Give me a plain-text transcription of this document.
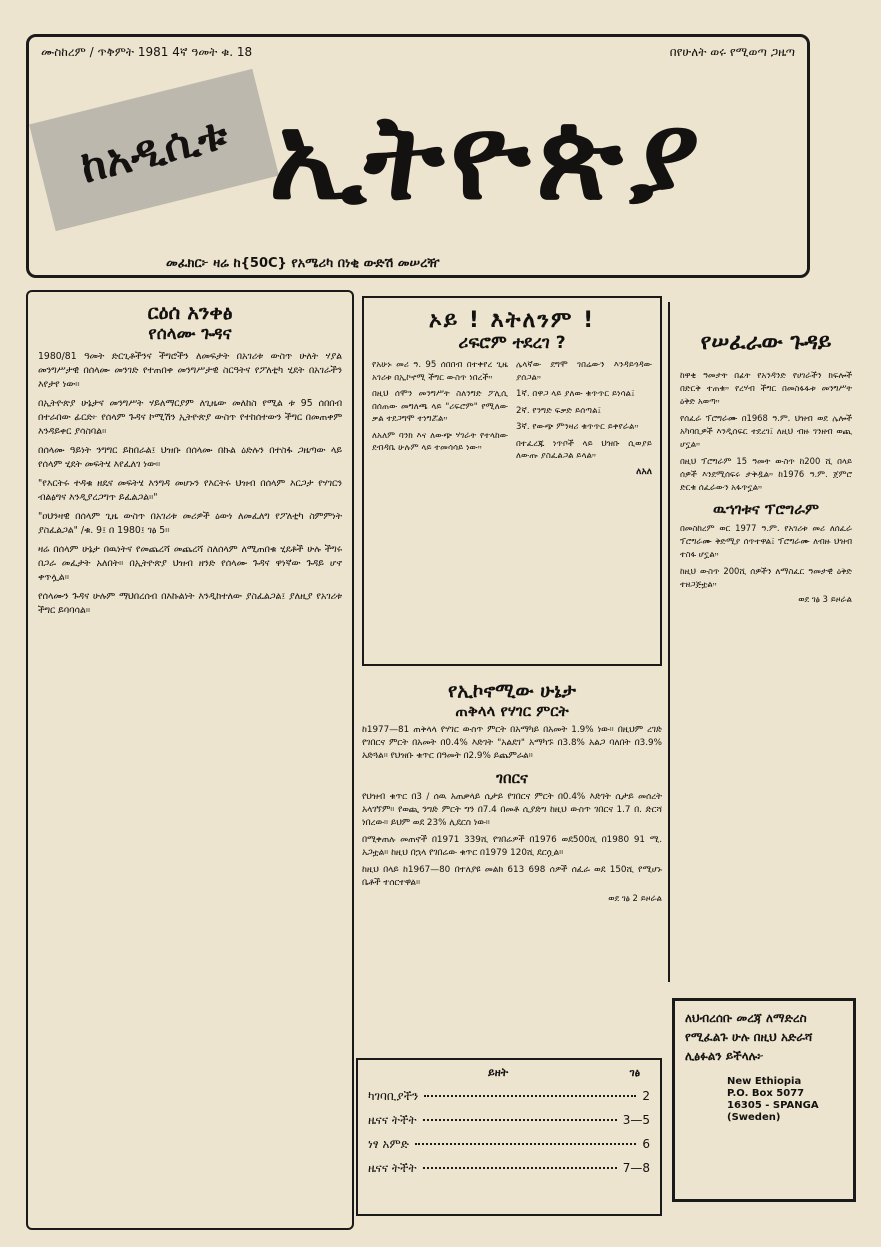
ሙስከረም / ጥቅምት 1981 4ኛ ዓመት ቁ. 18	በየሁለት ወሩ የሚወጣ ጋዜጣ
ከአዲሲቱ ኢትዮጵያ
መፈክር፦ ዛሬ ከ{50C} የአሜሪካ በነቂ ውድሽ መሠረዥ
ርዕሰ አንቀፅ
የሰላሙ ጉዳና

1980/81 ዓመት ድርጊቶችንና ችግሮችን ለመፍታት በአገሪቱ ውስጥ ሁለት ሃያል መንግሥታዊ በሰላሙ መንገድ የተጠበቀ መንግሥታዊ ስርዓትና የፖለቲካ ሂደት በአገራችን እየታየ ነው።

በኢትዮጵያ ሁኔታና መንግሥት ሃይለማርያም ለጊዜው መለከስ የሚል ቱ 95 ሰበበብ በተራበው ፊርድ፦ የሰላም ጉዳና ኮሚሽን ኢትዮጵያ ውስጥ የተከሰተውን ችግር በመጠቀም እንዳይቀር ያሳስባል።

በሰላሙ ዓይነት ንግግር ይከበራል፤ ህዝቡ በሰላሙ በኩል ዕድሉን በተስፋ ጋዜጣው ላይ የሰላም ሂደት መፍትሄ እየፈለገ ነው።

"የእርትሩ ተዳቁ ዘዴና መፍትሄ እንግዳ መሆኑን የእርትሩ ህዝብ በሰላም እርጋታ የሃገርን ብልፅግና እንዲያረጋግጥ ይፈልጋል።"

"ዐህንዛዊ በሰላም ጊዜ ውስጥ በአገሪቱ መሪዎች ዕውነ ለመፈለግ የፖለቲካ ስምምነት ያስፈልጋል" /ቁ. 9፤ በ 1980፤ ገፅ 5።

ዛሬ በሰላም ሁኔታ በዉነትና የመጨረሻ መጨረሻ ስለሰላም ለሚጠበቁ ሂደቶች ሁሉ ችግሩ በጋራ መፈታት አለበት። በኢትዮጵያ ህዝብ ዘንድ የሰላሙ ጉዳና ዋነኛው ጉዳይ ሆኖ ቀጥሏል።

የሰላሙን ጉዳና ሁሉም ማህበረሰብ በእኩልነት እንዲከተለው ያስፈልጋል፤ ያለዚያ የአገሪቱ ችግር ይባባሳል።

ኦይ ! እትለንም !
ሪፍሮም ተደረገ ?

የአሁኑ መሪ ዓ. 95 ሰበበብ በተቀየረ ጊዜ አገሪቱ በኢኮኖሚ ችግር ውስጥ ነበረች።

በዚህ ሰሞን መንግሥት ስለንግድ ፖሊሲ በሰጠው መግለጫ ላይ "ሪፍሮም" የሚለው ቃል ተደጋግሞ ተነግሯል።

ለአለም ባንክ እና ለውጭ ሃገራት የተላከው ደብዳቤ ሁሉም ላይ ተመሳሳይ ነው።

ሌላኛው ደግሞ ገበሬውን እንዳይጎዳው ያሰጋል።

1ኛ. በዋጋ ላይ ያለው ቁጥጥር ይነሳል፤

2ኛ. የንግድ ፍቃድ ይሰጣል፤

3ኛ. የውጭ ምንዛሪ ቁጥጥር ይቀየራል።

በተፈረጁ ነጥቦች ላይ ህዝቡ ሲወያይ ለውጡ ያስፈልጋል ይላል።

ለአለ
የኢኮኖሚው ሁኔታ
ጠቅላላ የሃገር ምርት

ከ1977—81 ጠቅላላ የሃገር ውስጥ ምርት በአማካይ በአመት 1.9% ነው። በዚህም ረገድ የገበርና ምርት በአመት በ0.4% እድገት "አልደገ" አማካኙ በ3.8% አልጋ ባለበት በ3.9% አድጓል። የህዝቡ ቁጥር በዓመት በ2.9% ይጨምራል።

ገበርና

የህዝብ ቁጥር በ3 / ሰዉ አጠቃላይ ሲታይ የገበርና ምርት በ0.4% እድገት ሲታይ መሰረት አላገኘም። የወጪ ንግድ ምርት ግን በ7.4 በመቶ ሲያድግ ከዚህ ውስጥ ገበርና 1.7 በ. ድርሻ ነበረው። ይህም ወደ 23% ሊደርስ ነው።

በሚቀጠሉ መጠኖች በ1971 339ሺ የገበሬዎች በ1976 ወደ500ሺ በ1980 91 ሚ. አጋቷል። ከዚህ በኋላ የገበሬው ቁጥር በ1979 120ሺ ደርሷል።

ከዚህ በላይ ከ1967—80 በተለያዩ መልክ 613 698 ሰዎች ሰፈራ ወደ 150ሺ የሚሆኑ ቤቶች ተሰርተዋል።

ወደ ገፅ 2 ይዞራል
ይዘት	ገፅ
ካገባቢያችን	2
ዜናና ትችት	3—5
ነፃ አምድ	6
ዜናና ትችት	7—8
የሠፈራው ጉዳይ

ከዋቂ ዓመታት በፊት የአንዳንድ የሀገራችን ክፍሎች በድርቅ ተጠቁ። የረሃብ ችግር በመስፋፋቱ መንግሥት ዕቅድ አወጣ።

የሰፈራ ፕሮግራሙ በ1968 ዓ.ም. ህዝብ ወደ ሌሎች አካባቢዎች እንዲሰፍር ተደረገ፤ ለዚህ ብዙ ገንዘብ ወጪ ሆኗል።

በዚህ ፕሮግራም 15 ዓመት ውስጥ ከ200 ሺ በላይ ሰዎች እንደሚሰፍሩ ታቅዷል። ከ1976 ዓ.ም. ጀምሮ ድርቁ ሰፈራውን አፋጥኗል።

ዉኀገቱና ፕሮግራም

በመስከረም ወር 1977 ዓ.ም. የአገሪቱ መሪ ለሰፈራ ፕሮግራሙ ቅድሚያ ሰጥተዋል፤ ፕሮግራሙ ለብዙ ህዝብ ተስፋ ሆኗል።

ከዚህ ውስጥ 200ሺ ሰዎችን ለማስፈር ዓመታዊ ዕቅድ ተዘጋጅቷል።

ወደ ገፅ 3 ይዞራል
ለህብረሰቡ መረጃ ለማድረስ የሚፈልጉ ሁሉ በዚህ አድራሻ ሊፅፉልን ይችላሉ፦
New Ethiopia
P.O. Box 5077
16305 - SPANGA
(Sweden)
